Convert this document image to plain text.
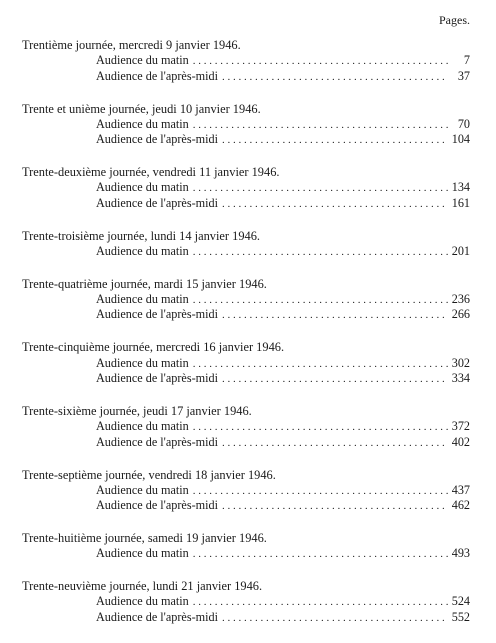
Pages.
Trentième journée, mercredi 9 janvier 1946.
Audience du matin . . .	7
Audience de l'après-midi . . .	37
Trente et unième journée, jeudi 10 janvier 1946.
Audience du matin . . .	70
Audience de l'après-midi . . .	104
Trente-deuxième journée, vendredi 11 janvier 1946.
Audience du matin . . .	134
Audience de l'après-midi . . .	161
Trente-troisième journée, lundi 14 janvier 1946.
Audience du matin . . .	201
Trente-quatrième journée, mardi 15 janvier 1946.
Audience du matin . . .	236
Audience de l'après-midi . . .	266
Trente-cinquième journée, mercredi 16 janvier 1946.
Audience du matin . . .	302
Audience de l'après-midi . . .	334
Trente-sixième journée, jeudi 17 janvier 1946.
Audience du matin . . .	372
Audience de l'après-midi . . .	402
Trente-septième journée, vendredi 18 janvier 1946.
Audience du matin . . .	437
Audience de l'après-midi . . .	462
Trente-huitième journée, samedi 19 janvier 1946.
Audience du matin . . .	493
Trente-neuvième journée, lundi 21 janvier 1946.
Audience du matin . . .	524
Audience de l'après-midi . . .	552
